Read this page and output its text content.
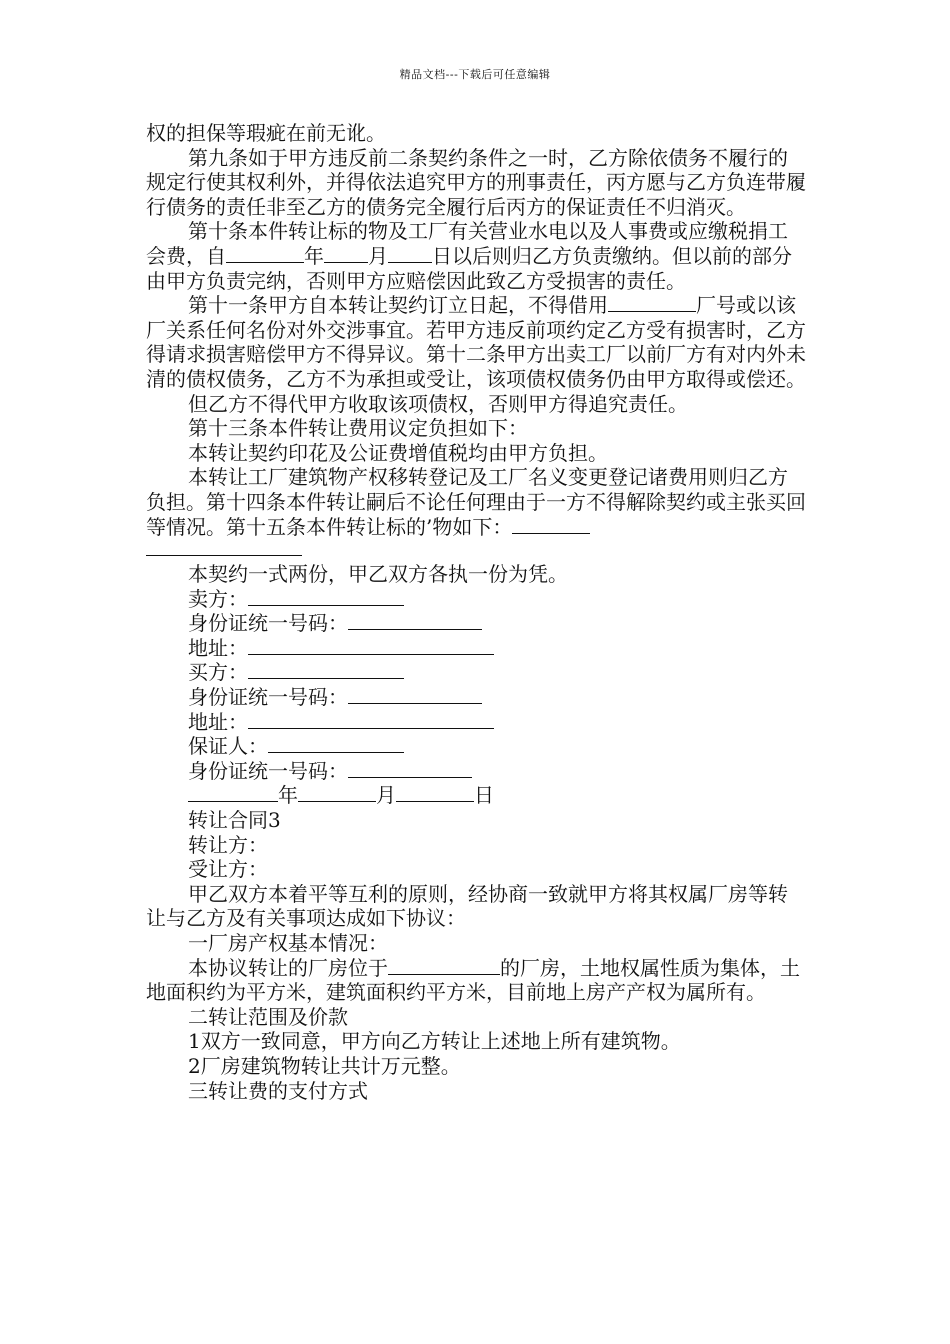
精品文档---下载后可任意编辑

权的担保等瑕疵在前无讹。

第九条如于甲方违反前二条契约条件之一时，乙方除依债务不履行的规定行使其权利外，并得依法追究甲方的刑事责任，丙方愿与乙方负连带履行债务的责任非至乙方的债务完全履行后丙方的保证责任不归消灭。

第十条本件转让标的物及工厂有关营业水电以及人事费或应缴税捐工会费，自	年 月 日以后则归乙方负责缴纳。但以前的部分由甲方负责完纳，否则甲方应赔偿因此致乙方受损害的责任。

第十一条甲方自本转让契约订立日起，不得借用	厂号或以该厂关系任何名份对外交涉事宜。若甲方违反前项约定乙方受有损害时，乙方得请求损害赔偿甲方不得异议。第十二条甲方出卖工厂以前厂方有对内外未清的债权债务，乙方不为承担或受让，该项债权债务仍由甲方取得或偿还。

但乙方不得代甲方收取该项债权，否则甲方得追究责任。

第十三条本件转让费用议定负担如下：

本转让契约印花及公证费增值税均由甲方负担。

本转让工厂建筑物产权移转登记及工厂名义变更登记诸费用则归乙方负担。第十四条本件转让嗣后不论任何理由于一方不得解除契约或主张买回等情况。第十五条本件转让标的’物如下：

本契约一式两份，甲乙双方各执一份为凭。

卖方：
身份证统一号码：
地址：
买方：
身份证统一号码：
地址：
保证人：
身份证统一号码：
年	月	日

转让合同3

转让方：

受让方：

甲乙双方本着平等互利的原则，经协商一致就甲方将其权属厂房等转让与乙方及有关事项达成如下协议：

一厂房产权基本情况：

本协议转让的厂房位于	的厂房，土地权属性质为集体，土地面积约为平方米，建筑面积约平方米，目前地上房产产权为属所有。

二转让范围及价款

1双方一致同意，甲方向乙方转让上述地上所有建筑物。

2厂房建筑物转让共计万元整。

三转让费的支付方式
